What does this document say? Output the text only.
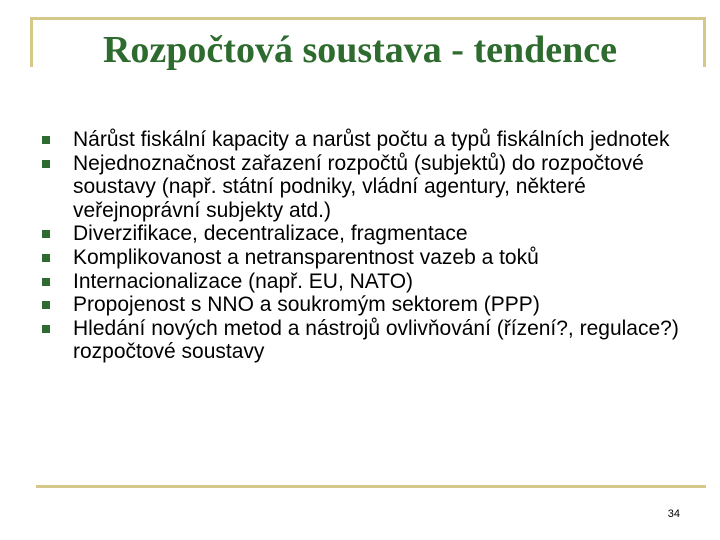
Rozpočtová soustava - tendence
Nárůst fiskální kapacity a narůst počtu a typů fiskálních jednotek
Nejednoznačnost zařazení rozpočtů (subjektů) do rozpočtové soustavy (např. státní podniky, vládní agentury, některé veřejnoprávní subjekty atd.)
Diverzifikace, decentralizace, fragmentace
Komplikovanost a netransparentnost vazeb a toků
Internacionalizace (např. EU, NATO)
Propojenost s NNO a soukromým sektorem (PPP)
Hledání nových metod a nástrojů ovlivňování (řízení?, regulace?) rozpočtové soustavy
34
